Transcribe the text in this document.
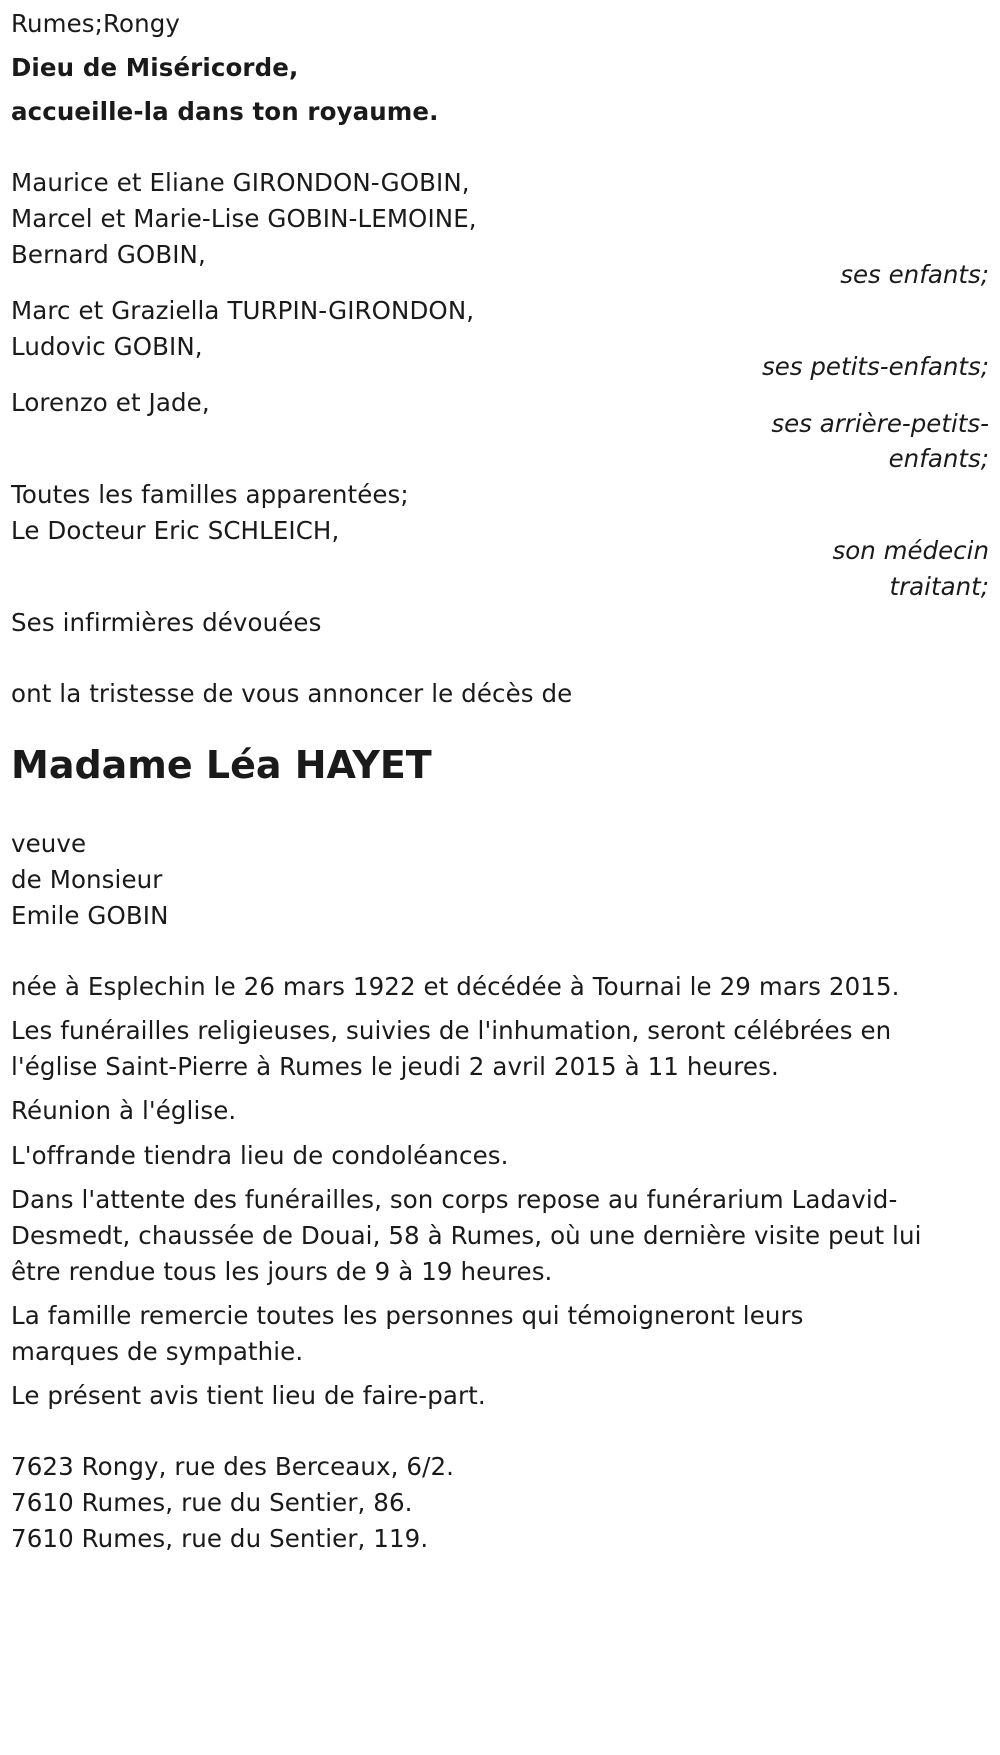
Rumes;Rongy
Dieu de Miséricorde,
accueille-la dans ton royaume.
Maurice et Eliane GIRONDON-GOBIN,
Marcel et Marie-Lise GOBIN-LEMOINE,
Bernard GOBIN,
ses enfants;
Marc et Graziella TURPIN-GIRONDON,
Ludovic GOBIN,
ses petits-enfants;
Lorenzo et Jade,
ses arrière-petits-
enfants;
Toutes les familles apparentées;
Le Docteur Eric SCHLEICH,
son médecin
traitant;
Ses infirmières dévouées
ont la tristesse de vous annoncer le décès de
Madame Léa HAYET
veuve
de Monsieur
Emile GOBIN
née à Esplechin le 26 mars 1922 et décédée à Tournai le 29 mars 2015.
Les funérailles religieuses, suivies de l'inhumation, seront célébrées en
l'église Saint-Pierre à Rumes le jeudi 2 avril 2015 à 11 heures.
Réunion à l'église.
L'offrande tiendra lieu de condoléances.
Dans l'attente des funérailles, son corps repose au funérarium Ladavid-
Desmedt, chaussée de Douai, 58 à Rumes, où une dernière visite peut lui
être rendue tous les jours de 9 à 19 heures.
La famille remercie toutes les personnes qui témoigneront leurs
marques de sympathie.
Le présent avis tient lieu de faire-part.
7623 Rongy, rue des Berceaux, 6/2.
7610 Rumes, rue du Sentier, 86.
7610 Rumes, rue du Sentier, 119.
